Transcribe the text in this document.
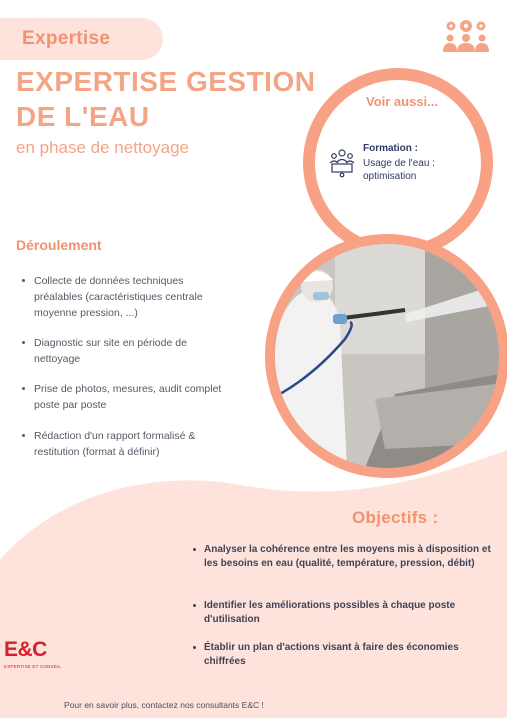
Expertise
EXPERTISE GESTION
DE L'EAU
en phase de nettoyage
Voir aussi...
Formation :
Usage de l'eau : optimisation
Déroulement
Collecte de données techniques préalables (caractéristiques centrale moyenne pression, ...)
Diagnostic sur site en période de nettoyage
Prise de photos, mesures, audit complet poste par poste
Rédaction d'un rapport formalisé & restitution (format à définir)
Objectifs :
Analyser la cohérence entre les moyens mis à disposition et les besoins en eau (qualité, température, pression, débit)
Identifier les améliorations possibles à chaque poste d'utilisation
Établir un plan d'actions visant à faire des économies chiffrées
E&C
EXPERTISE ET CONSEIL
Pour en savoir plus, contactez nos consultants E&C !
